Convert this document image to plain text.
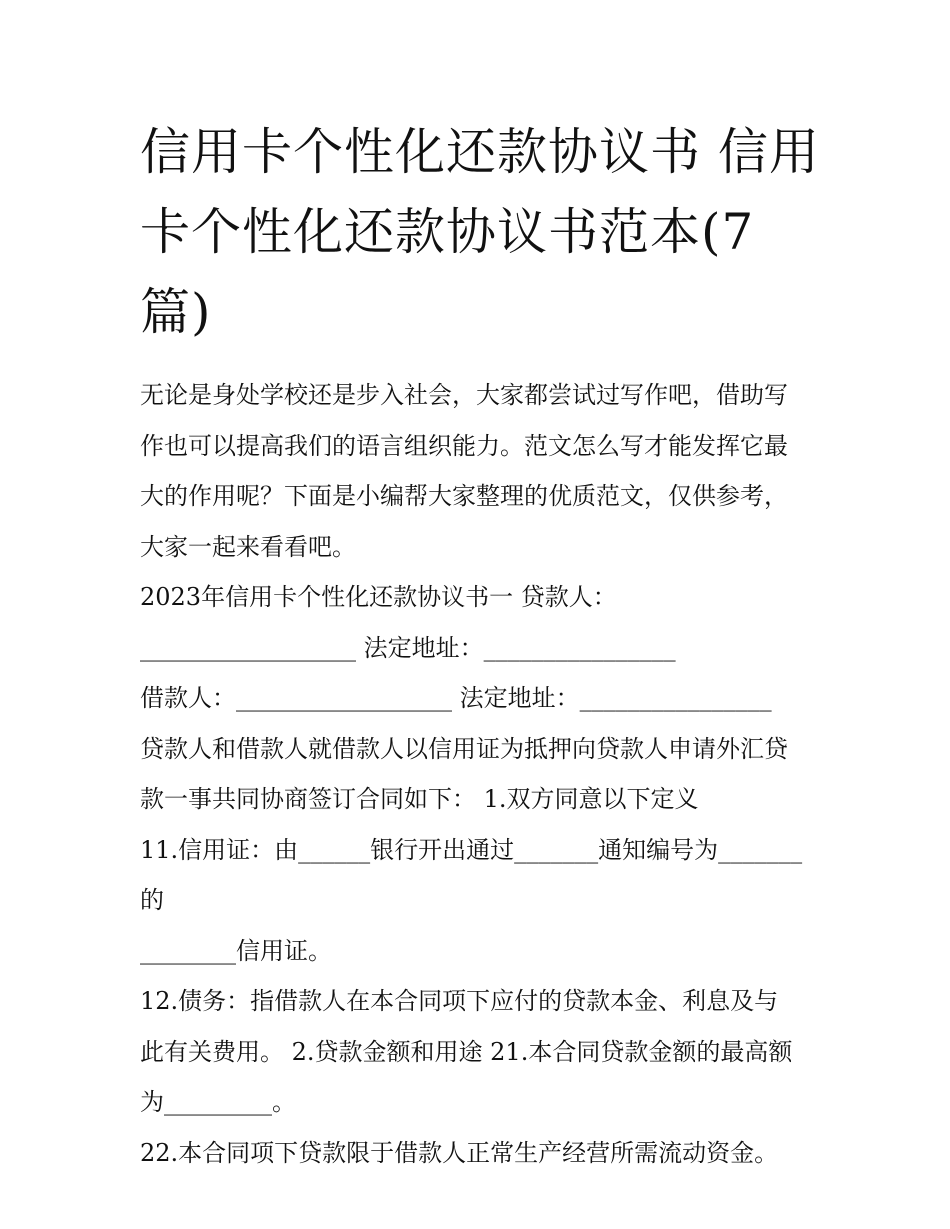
信用卡个性化还款协议书 信用
卡个性化还款协议书范本(7
篇)

无论是身处学校还是步入社会，大家都尝试过写作吧，借助写

作也可以提高我们的语言组织能力。范文怎么写才能发挥它最

大的作用呢？下面是小编帮大家整理的优质范文，仅供参考，

大家一起来看看吧。

2023年信用卡个性化还款协议书一 贷款人：

__________________ 法定地址：________________

借款人：__________________ 法定地址：________________

贷款人和借款人就借款人以信用证为抵押向贷款人申请外汇贷

款一事共同协商签订合同如下： 1.双方同意以下定义

11.信用证：由______银行开出通过_______通知编号为_______的

________信用证。

12.债务：指借款人在本合同项下应付的贷款本金、利息及与

此有关费用。 2.贷款金额和用途 21.本合同贷款金额的最高额

为_________。

22.本合同项下贷款限于借款人正常生产经营所需流动资金。
